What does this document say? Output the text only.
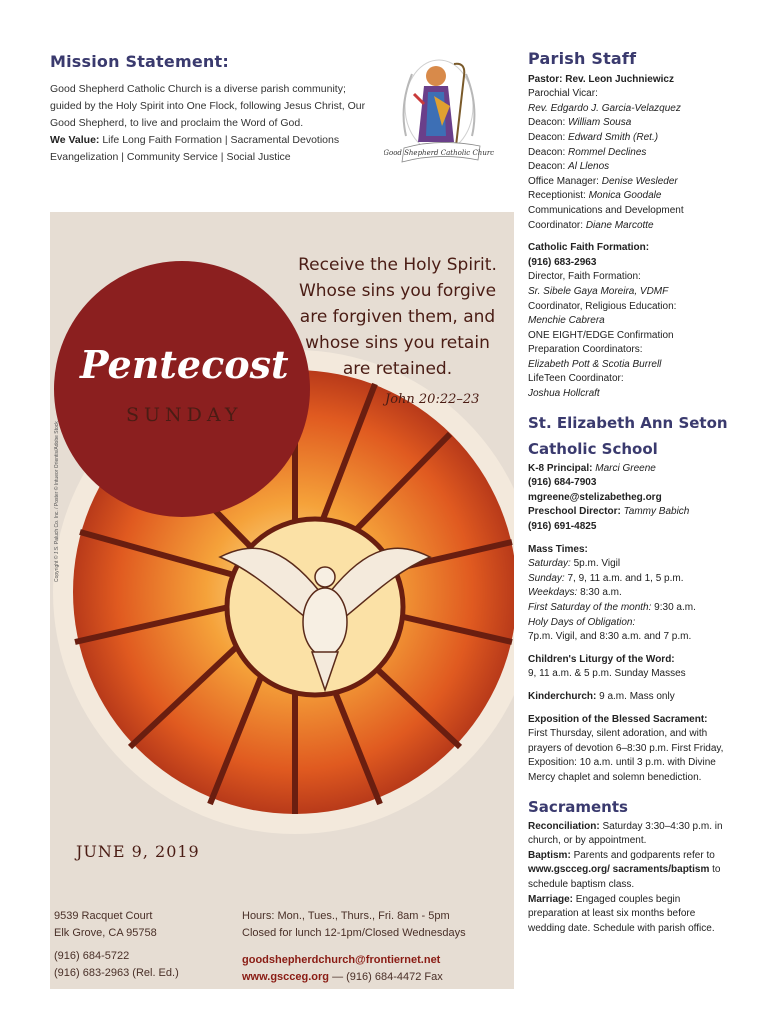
Mission Statement:

Good Shepherd Catholic Church is a diverse parish community; guided by the Holy Spirit into One Flock, following Jesus Christ, Our Good Shepherd, to live and proclaim the Word of God.
We Value: Life Long Faith Formation | Sacramental Devotions Evangelization | Community Service | Social Justice	Good Shepherd Catholic Church
Receive the Holy Spirit. Whose sins you forgive are forgiven them, and whose sins you retain are retained.
John 20:22–23
Pentecost
SUNDAY
Copyright © J.S. Paluch Co. Inc. / Poster © Intueor Orientis/Adobe Stock
JUNE 9, 2019
9539 Racquet Court
Elk Grove, CA 95758
(916) 684-5722
(916) 683-2963 (Rel. Ed.)
Hours: Mon., Tues., Thurs., Fri. 8am - 5pm
Closed for lunch 12-1pm/Closed Wednesdays
goodshepherdchurch@frontiernet.net
www.gscceg.org — (916) 684-4472 Fax
Parish Staff
Pastor: Rev. Leon Juchniewicz
Parochial Vicar:
Rev. Edgardo J. Garcia-Velazquez
Deacon: William Sousa
Deacon: Edward Smith (Ret.)
Deacon: Rommel Declines
Deacon: Al Llenos
Office Manager: Denise Wesleder
Receptionist: Monica Goodale
Communications and Development Coordinator: Diane Marcotte
Catholic Faith Formation:
(916) 683-2963
Director, Faith Formation:
Sr. Sibele Gaya Moreira, VDMF
Coordinator, Religious Education:
Menchie Cabrera
ONE EIGHT/EDGE Confirmation Preparation Coordinators:
Elizabeth Pott & Scotia Burrell
LifeTeen Coordinator:
Joshua Hollcraft
St. Elizabeth Ann Seton Catholic School
K-8 Principal: Marci Greene
(916) 684-7903
mgreene@stelizabetheg.org
Preschool Director: Tammy Babich
(916) 691-4825
Mass Times:
Saturday: 5p.m. Vigil
Sunday: 7, 9, 11 a.m. and 1, 5 p.m.
Weekdays: 8:30 a.m.
First Saturday of the month: 9:30 a.m.
Holy Days of Obligation:
7p.m. Vigil, and 8:30 a.m. and 7 p.m.
Children's Liturgy of the Word:
9, 11 a.m. & 5 p.m. Sunday Masses
Kinderchurch: 9 a.m. Mass only
Exposition of the Blessed Sacrament:
First Thursday, silent adoration, and with prayers of devotion 6–8:30 p.m. First Friday, Exposition: 10 a.m. until 3 p.m. with Divine Mercy chaplet and solemn benediction.
Sacraments
Reconciliation: Saturday 3:30–4:30 p.m. in church, or by appointment.
Baptism: Parents and godparents refer to www.gscceg.org/ sacraments/baptism to schedule baptism class.
Marriage: Engaged couples begin preparation at least six months before wedding date. Schedule with parish office.
